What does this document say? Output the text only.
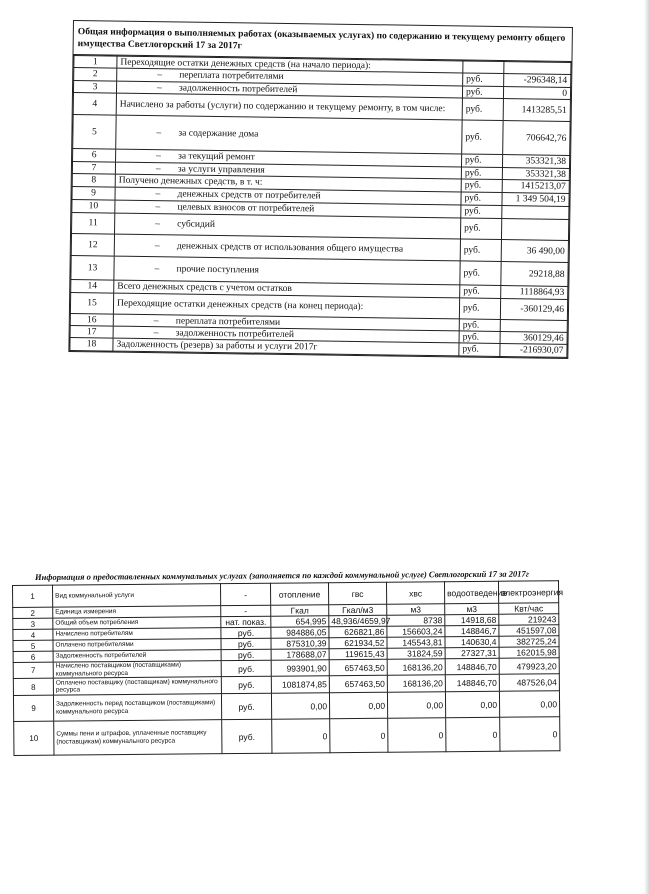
Общая информация о выполняемых работах (оказываемых услугах) по содержанию и текущему ремонту общего имущества Светлогорский 17 за 2017г
1	Переходящие остатки денежных средств (на начало периода):		
2	– переплата потребителями	руб.	-296348,14
3	– задолженность потребителей	руб.	0
4	Начислено за работы (услуги) по содержанию и текущему ремонту, в том числе:	руб.	1413285,51
5	– за содержание дома	руб.	706642,76
6	– за текущий ремонт	руб.	353321,38
7	– за услуги управления	руб.	353321,38
8	Получено денежных средств, в т. ч:	руб.	1415213,07
9	– денежных средств от потребителей	руб.	1 349 504,19
10	– целевых взносов от потребителей	руб.	
11	– субсидий	руб.	
12	– денежных средств от использования общего имущества	руб.	36 490,00
13	– прочие поступления	руб.	29218,88
14	Всего денежных средств с учетом остатков	руб.	1118864,93
15	Переходящие остатки денежных средств (на конец периода):	руб.	-360129,46
16	– переплата потребителями	руб.	
17	– задолженность потребителей	руб.	360129,46
18	Задолженность (резерв) за работы и услуги 2017г	руб.	-216930,07
Информация о предоставленных коммунальных услугах (заполняется по каждой коммунальной услуге) Светлогорский 17 за 2017г
1	Вид коммунальной услуги	-	отопление	гвс	хвс	водоотведение	электроэнергия
2	Единица измерения	-	Гкал	Гкал/м3	м3	м3	Квт/час
3	Общий объем потребления	нат. показ.	654,995	48,936/4659,97	8738	14918,68	219243
4	Начислено потребителям	руб.	984886,05	626821,86	156603,24	148846,7	451597,08
5	Оплачено потребителями	руб.	875310,39	621934,52	145543,81	140630,4	382725,24
6	Задолженность потребителей	руб.	178688,07	119615,43	31824,59	27327,31	162015,98
7	Начислено поставщиком (поставщиками) коммунального ресурса	руб.	993901,90	657463,50	168136,20	148846,70	479923,20
8	Оплачено поставщику (поставщикам) коммунального ресурса	руб.	1081874,85	657463,50	168136,20	148846,70	487526,04
9	Задолженность перед поставщиком (поставщиками) коммунального ресурса	руб.	0,00	0,00	0,00	0,00	0,00
10	Суммы пени и штрафов, уплаченные поставщику (поставщикам) коммунального ресурса	руб.	0	0	0	0	0
